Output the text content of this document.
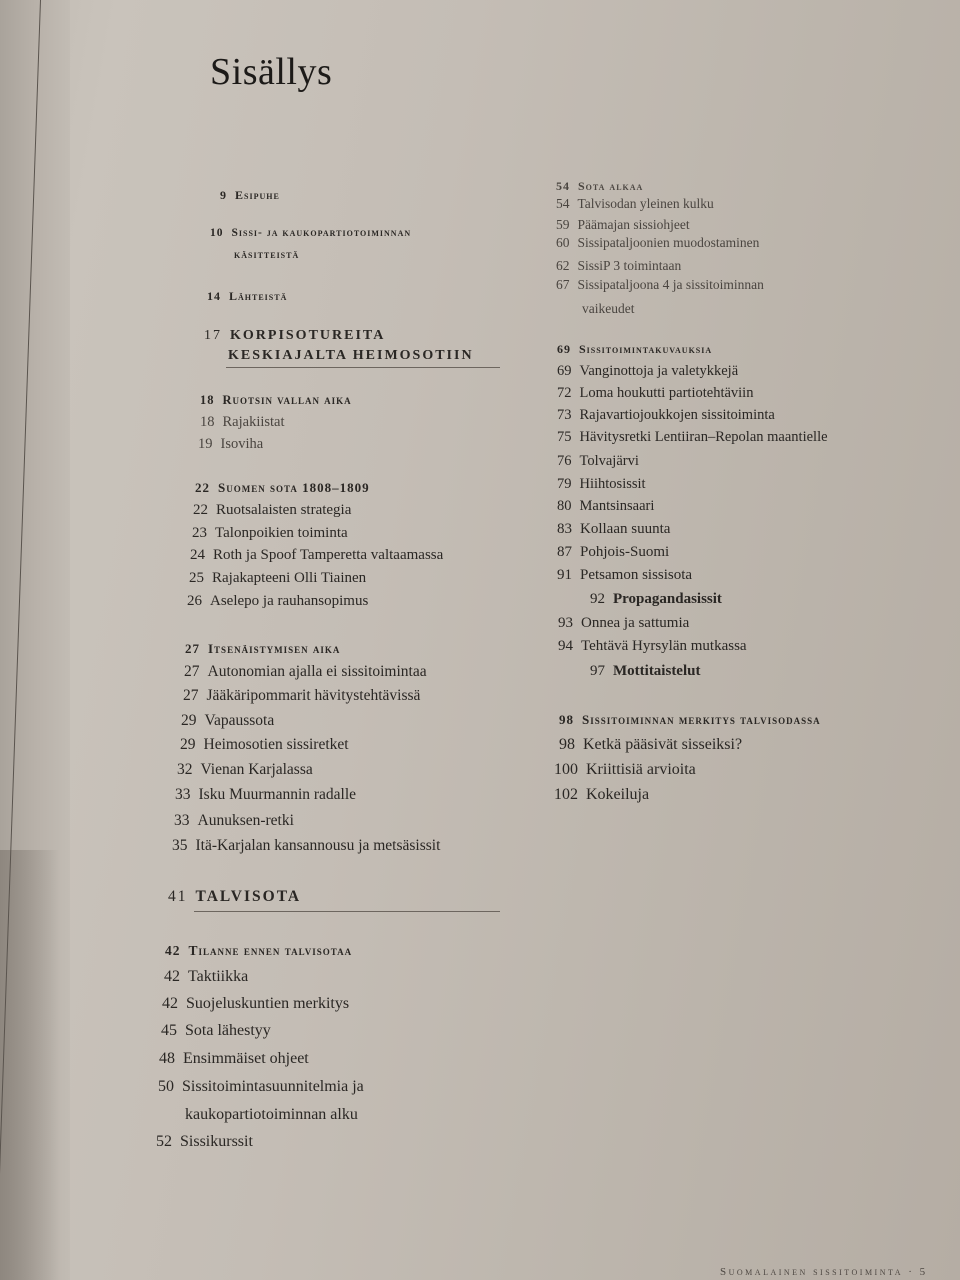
Sisällys
9 Esipuhe
10 Sissi- ja kaukopartiotoiminnan
käsitteistä
14 Lähteistä
17 KORPISOTUREITA
KESKIAJALTA HEIMOSOTIIN
18 Ruotsin vallan aika
18 Rajakiistat
19 Isoviha
22 Suomen sota 1808–1809
22 Ruotsalaisten strategia
23 Talonpoikien toiminta
24 Roth ja Spoof Tamperetta valtaamassa
25 Rajakapteeni Olli Tiainen
26 Aselepo ja rauhansopimus
27 Itsenäistymisen aika
27 Autonomian ajalla ei sissitoimintaa
27 Jääkäripommarit hävitystehtävissä
29 Vapaussota
29 Heimosotien sissiretket
32 Vienan Karjalassa
33 Isku Muurmannin radalle
33 Aunuksen-retki
35 Itä-Karjalan kansannousu ja metsäsissit
41 TALVISOTA
42 Tilanne ennen talvisotaa
42 Taktiikka
42 Suojeluskuntien merkitys
45 Sota lähestyy
48 Ensimmäiset ohjeet
50 Sissitoimintasuunnitelmia ja
kaukopartiotoiminnan alku
52 Sissikurssit
54 Sota alkaa
54 Talvisodan yleinen kulku
59 Päämajan sissiohjeet
60 Sissipataljoonien muodostaminen
62 SissiP 3 toimintaan
67 Sissipataljoona 4 ja sissitoiminnan
vaikeudet
69 Sissitoimintakuvauksia
69 Vanginottoja ja valetykkejä
72 Loma houkutti partiotehtäviin
73 Rajavartiojoukkojen sissitoiminta
75 Hävitysretki Lentiiran–Repolan maantielle
76 Tolvajärvi
79 Hiihtosissit
80 Mantsinsaari
83 Kollaan suunta
87 Pohjois-Suomi
91 Petsamon sissisota
92 Propagandasissit
93 Onnea ja sattumia
94 Tehtävä Hyrsylän mutkassa
97 Mottitaistelut
98 Sissitoiminnan merkitys talvisodassa
98 Ketkä pääsivät sisseiksi?
100 Kriittisiä arvioita
102 Kokeiluja
Suomalainen sissitoiminta · 5
